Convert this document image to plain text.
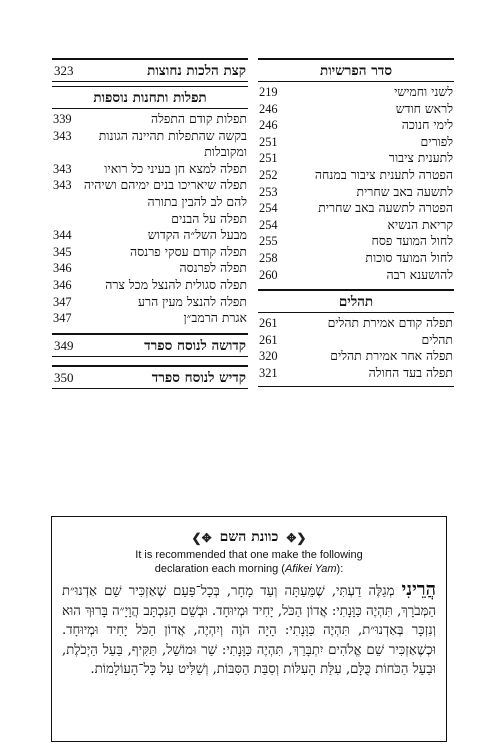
סדר הפרשיות
לשני וחמישי
219
לראש חודש
246
לימי חנוכה
246
לפורים
251
לתענית ציבור
251
הפטרה לתענית ציבור במנחה
252
לתשעה באב שחרית
253
הפטרה לתשעה באב שחרית
254
קריאת הנשיא
254
לחול המועד פסח
255
לחול המועד סוכות
258
להושענא רבה
260
תהלים
תפלה קודם אמירת תהלים
261
תהלים
261
תפלה אחר אמירת תהלים
320
תפלה בעד החולה
321
קצת הלכות נחוצות
323
תפלות ותחנות נוספות
תפלות קודם התפלה
339
בקשה שהתפלות תהיינה הגונות ומקובלות
343
תפלה למצא חן בעיני כל רואיו
343
תפלה שיאריכו בנים ימיהם ושיהיה להם לב להבין בתורה
343
תפלה על הבנים
מבעל השל״ה הקדוש
344
תפלה קודם עסקי פרנסה
345
תפלה לפרנסה
346
תפלה סגולית להנצל מכל צרה
346
תפלה להנצל מעין הרע
347
אגרת הרמב״ן
347
קדושה לנוסח ספרד
349
קדיש לנוסח ספרד
350
❮✥
כוונת השם
✥❯
It is recommended that one make the following
declaration each morning (Afikei Yam):
הֲרֵינִי מְגַלֶּה דַעְתִּי, שֶׁמֵּעַתָּה וְעַד מָחָר, בְּכָל־פַּעַם שֶׁאַזְכִּיר שֵׁם אַדְנוּ״ת הַמְּבֹרָךְ, תִּהְיֶה כַּוָּנָתִי: אֲדוֹן הַכֹּל, יָחִיד וּמְיוּחָד. וּבְשֵׁם הַנִּכְתָּב הֲוָיָ״ה בָּרוּךְ הוּא וְנִזְכָּר בְּאַדְנוּ״ת, תִּהְיֶה כַּוָּנָתִי: הָיָה הֹוֶה וְיִהְיֶה, אֲדוֹן הַכֹּל יָחִיד וּמְיוּחָד. וּכְשֶׁאַזְכִּיר שֵׁם אֱלֹהִים יִתְבָּרַךְ, תִּהְיֶה כַּוָּנָתִי: שַׁר וּמוֹשֵׁל, תַּקִּיף, בַּעַל הַיְכֹלֶת, וּבַעַל הַכֹּחוֹת כֻּלָּם, עִלַּת הָעִלּוֹת וְסִבַּת הַסִּבּוֹת, וְשַׁלִּיט עַל כָּל־הָעוֹלָמוֹת.
